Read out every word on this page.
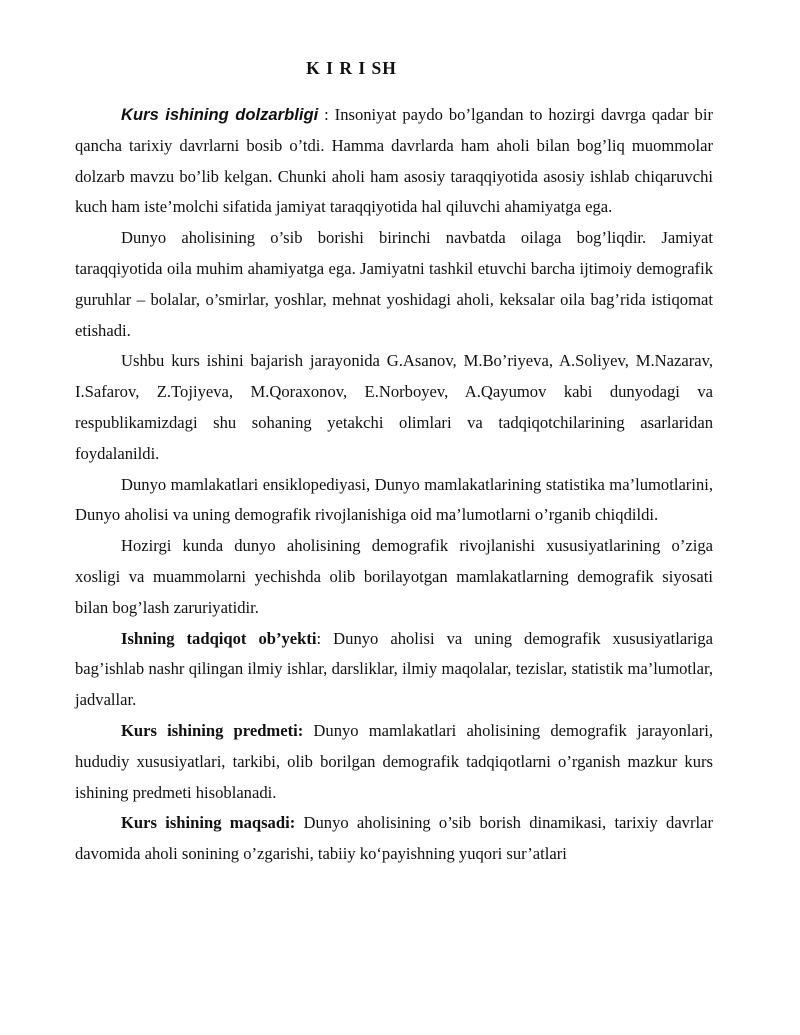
K I R I SH

Kurs ishining dolzarbligi : Insoniyat paydo bo’lgandan to hozirgi davrga qadar bir qancha tarixiy davrlarni bosib o’tdi. Hamma davrlarda ham aholi bilan bog’liq muommolar dolzarb mavzu bo’lib kelgan. Chunki aholi ham asosiy taraqqiyotida asosiy ishlab chiqaruvchi kuch ham iste’molchi sifatida jamiyat taraqqiyotida hal qiluvchi ahamiyatga ega.

Dunyo aholisining o’sib borishi birinchi navbatda oilaga bog’liqdir. Jamiyat taraqqiyotida oila muhim ahamiyatga ega. Jamiyatni tashkil etuvchi barcha ijtimoiy demografik guruhlar – bolalar, o’smirlar, yoshlar, mehnat yoshidagi aholi, keksalar oila bag’rida istiqomat etishadi.

Ushbu kurs ishini bajarish jarayonida G.Asanov, M.Bo’riyeva, A.Soliyev, M.Nazarav, I.Safarov, Z.Tojiyeva, M.Qoraxonov, E.Norboyev, A.Qayumov kabi dunyodagi va respublikamizdagi shu sohaning yetakchi olimlari va tadqiqotchilarining asarlaridan foydalanildi.

Dunyo mamlakatlari ensiklopediyasi, Dunyo mamlakatlarining statistika ma’lumotlarini, Dunyo aholisi va uning demografik rivojlanishiga oid ma’lumotlarni o’rganib chiqdildi.

Hozirgi kunda dunyo aholisining demografik rivojlanishi xususiyatlarining o’ziga xosligi va muammolarni yechishda olib borilayotgan mamlakatlarning demografik siyosati bilan bog’lash zaruriyatidir.

Ishning tadqiqot ob’yekti: Dunyo aholisi va uning demografik xususiyatlariga bag’ishlab nashr qilingan ilmiy ishlar, darsliklar, ilmiy maqolalar, tezislar, statistik ma’lumotlar, jadvallar.

Kurs ishining predmeti: Dunyo mamlakatlari aholisining demografik jarayonlari, hududiy xususiyatlari, tarkibi, olib borilgan demografik tadqiqotlarni o’rganish mazkur kurs ishining predmeti hisoblanadi.

Kurs ishining maqsadi: Dunyo aholisining o’sib borish dinamikasi, tarixiy davrlar davomida aholi sonining o’zgarishi, tabiiy ko‘payishning yuqori sur’atlari
